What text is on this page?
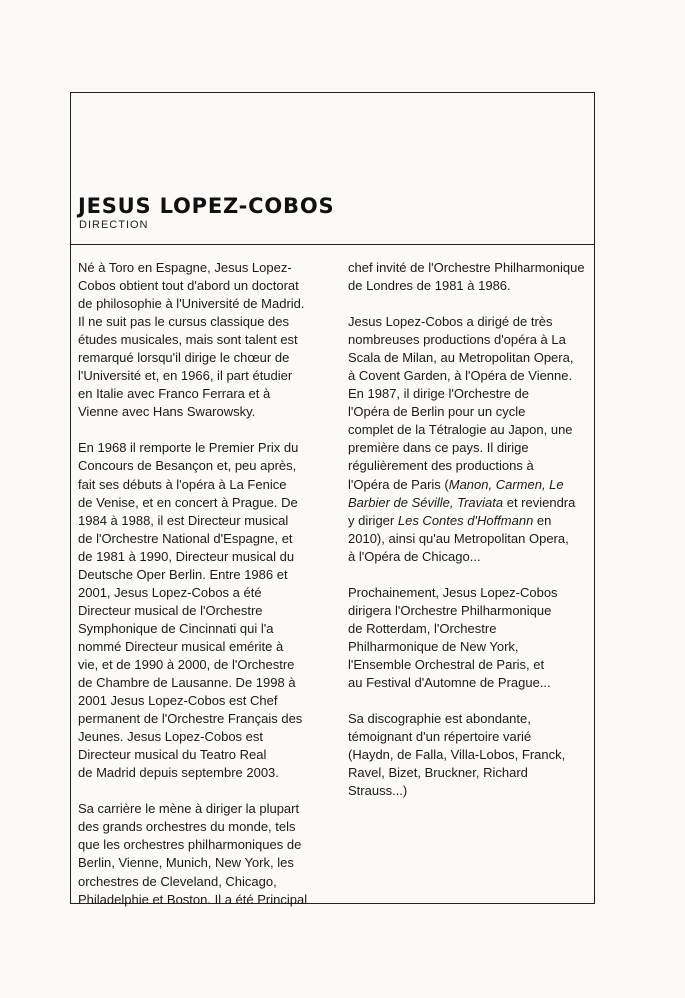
JESUS LOPEZ-COBOS
DIRECTION

Né à Toro en Espagne, Jesus Lopez-
Cobos obtient tout d'abord un doctorat
de philosophie à l'Université de Madrid.
Il ne suit pas le cursus classique des
études musicales, mais sont talent est
remarqué lorsqu'il dirige le chœur de
l'Université et, en 1966, il part étudier
en Italie avec Franco Ferrara et à
Vienne avec Hans Swarowsky.

En 1968 il remporte le Premier Prix du
Concours de Besançon et, peu après,
fait ses débuts à l'opéra à La Fenice
de Venise, et en concert à Prague. De
1984 à 1988, il est Directeur musical
de l'Orchestre National d'Espagne, et
de 1981 à 1990, Directeur musical du
Deutsche Oper Berlin. Entre 1986 et
2001, Jesus Lopez-Cobos a été
Directeur musical de l'Orchestre
Symphonique de Cincinnati qui l'a
nommé Directeur musical emérite à
vie, et de 1990 à 2000, de l'Orchestre
de Chambre de Lausanne. De 1998 à
2001 Jesus Lopez-Cobos est Chef
permanent de l'Orchestre Français des
Jeunes. Jesus Lopez-Cobos est
Directeur musical du Teatro Real
de Madrid depuis septembre 2003.

Sa carrière le mène à diriger la plupart
des grands orchestres du monde, tels
que les orchestres philharmoniques de
Berlin, Vienne, Munich, New York, les
orchestres de Cleveland, Chicago,
Philadelphie et Boston. Il a été Principal

chef invité de l'Orchestre Philharmonique
de Londres de 1981 à 1986.

Jesus Lopez-Cobos a dirigé de très
nombreuses productions d'opéra à La
Scala de Milan, au Metropolitan Opera,
à Covent Garden, à l'Opéra de Vienne.
En 1987, il dirige l'Orchestre de
l'Opéra de Berlin pour un cycle
complet de la Tétralogie au Japon, une
première dans ce pays. Il dirige
régulièrement des productions à
l'Opéra de Paris (Manon, Carmen, Le
Barbier de Séville, Traviata et reviendra
y diriger Les Contes d'Hoffmann en
2010), ainsi qu'au Metropolitan Opera,
à l'Opéra de Chicago...

Prochainement, Jesus Lopez-Cobos
dirigera l'Orchestre Philharmonique
de Rotterdam, l'Orchestre
Philharmonique de New York,
l'Ensemble Orchestral de Paris, et
au Festival d'Automne de Prague...

Sa discographie est abondante,
témoignant d'un répertoire varié
(Haydn, de Falla, Villa-Lobos, Franck,
Ravel, Bizet, Bruckner, Richard
Strauss...)
